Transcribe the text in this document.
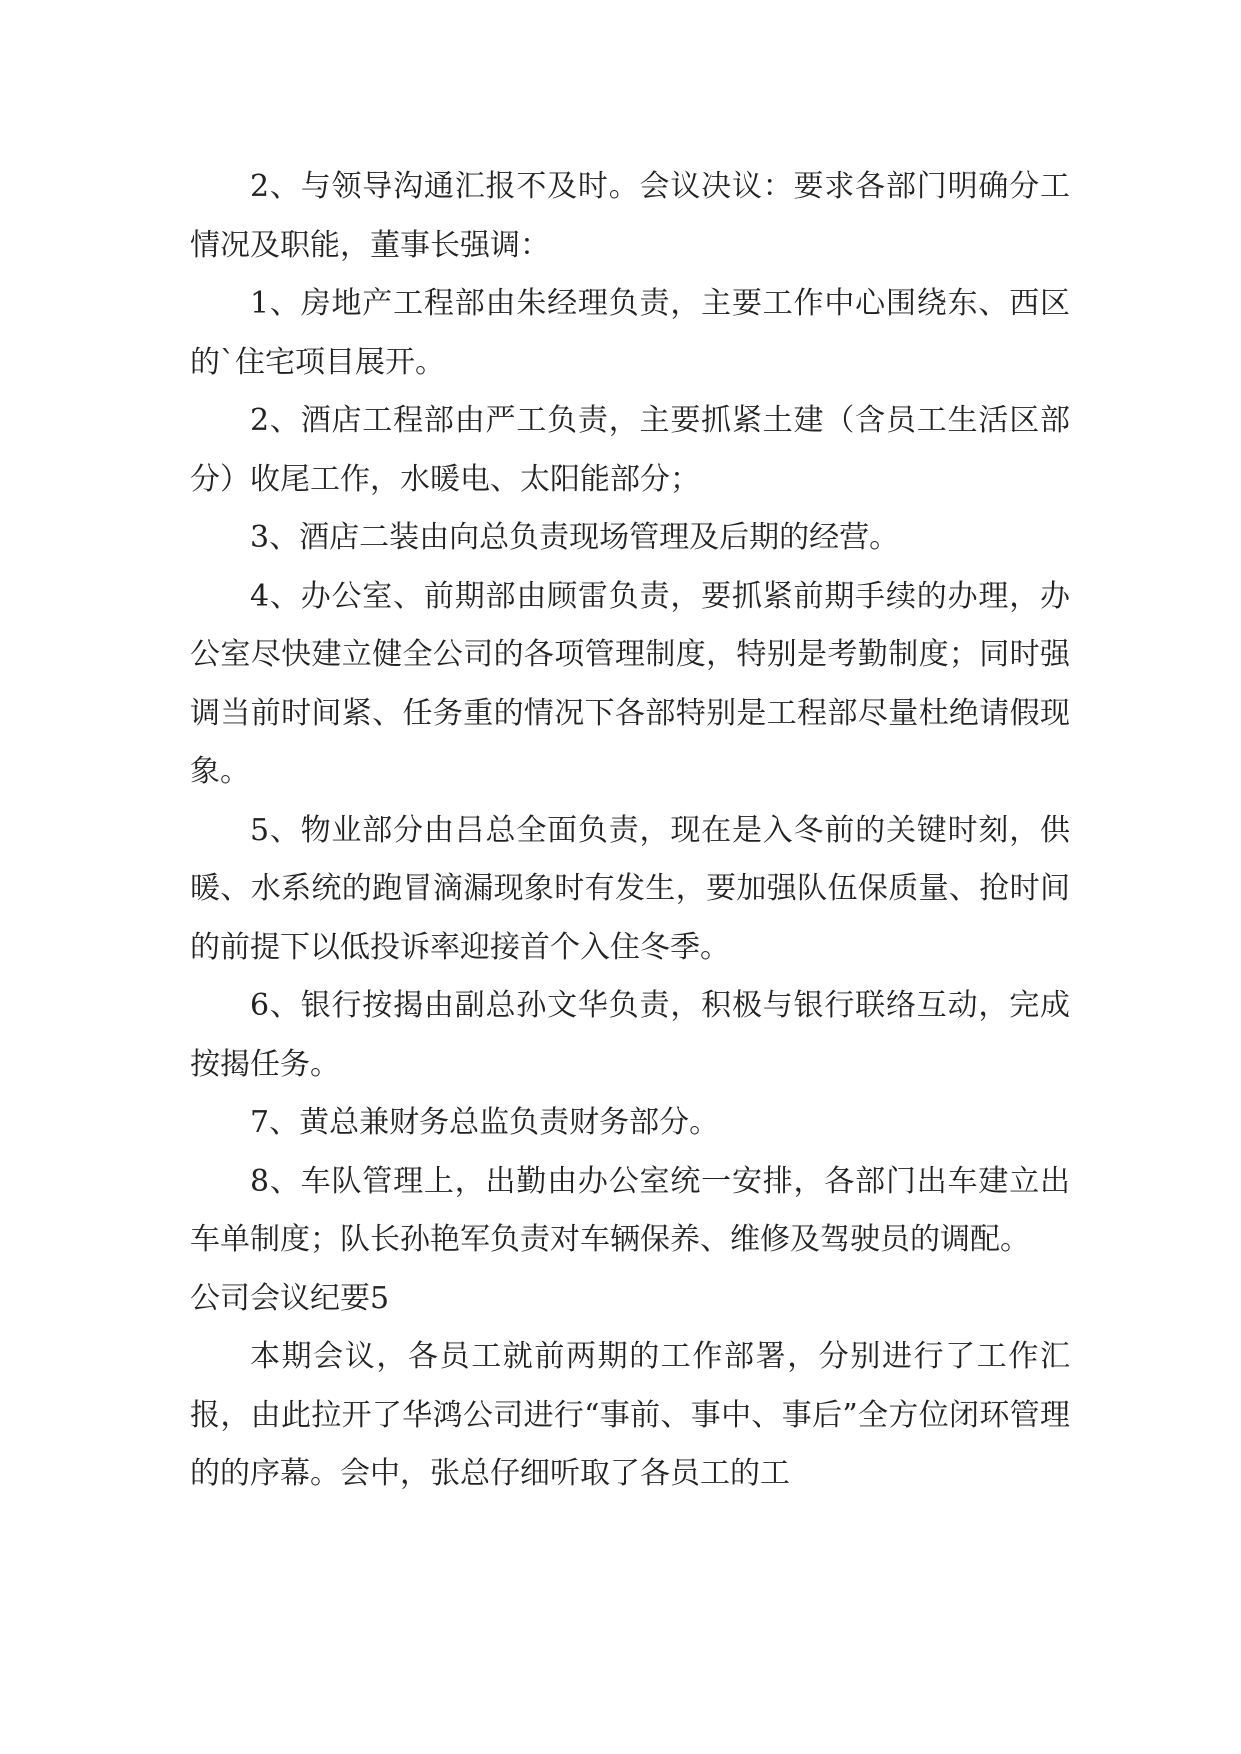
2、与领导沟通汇报不及时。会议决议：要求各部门明确分工情况及职能，董事长强调：

1、房地产工程部由朱经理负责，主要工作中心围绕东、西区的`住宅项目展开。

2、酒店工程部由严工负责，主要抓紧土建（含员工生活区部分）收尾工作，水暖电、太阳能部分；

3、酒店二装由向总负责现场管理及后期的经营。

4、办公室、前期部由顾雷负责，要抓紧前期手续的办理，办公室尽快建立健全公司的各项管理制度，特别是考勤制度；同时强调当前时间紧、任务重的情况下各部特别是工程部尽量杜绝请假现象。

5、物业部分由吕总全面负责，现在是入冬前的关键时刻，供暖、水系统的跑冒滴漏现象时有发生，要加强队伍保质量、抢时间的前提下以低投诉率迎接首个入住冬季。

6、银行按揭由副总孙文华负责，积极与银行联络互动，完成按揭任务。

7、黄总兼财务总监负责财务部分。

8、车队管理上，出勤由办公室统一安排，各部门出车建立出车单制度；队长孙艳军负责对车辆保养、维修及驾驶员的调配。

公司会议纪要5

本期会议，各员工就前两期的工作部署，分别进行了工作汇报，由此拉开了华鸿公司进行“事前、事中、事后”全方位闭环管理的的序幕。会中，张总仔细听取了各员工的工
